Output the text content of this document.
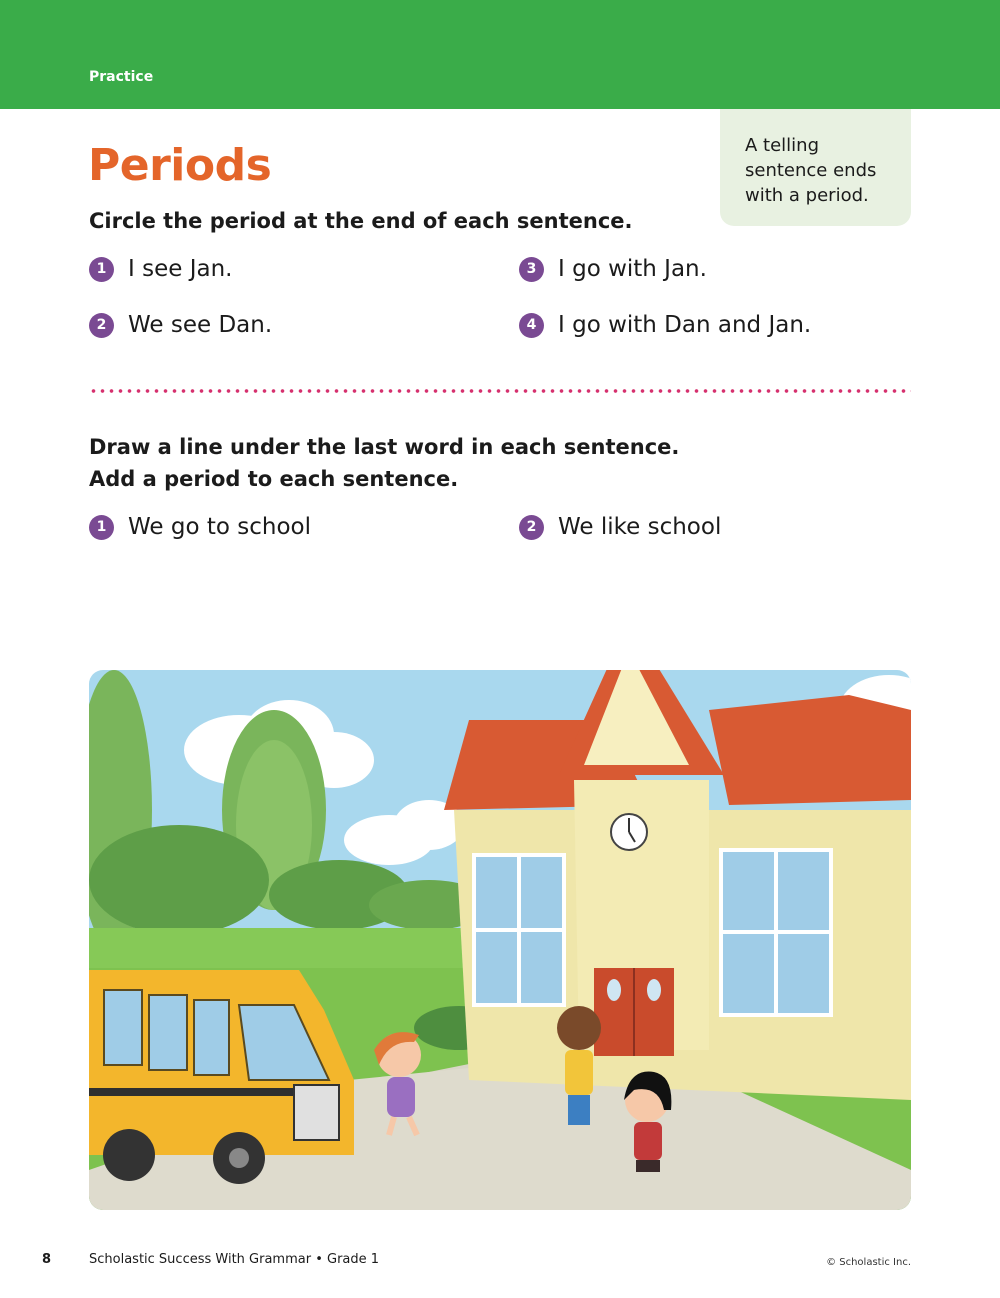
Practice
Periods	A telling
sentence ends
with a period.

Circle the period at the end of each sentence.

1 I see Jan.
2 We see Dan.
3 I go with Jan.
4 I go with Dan and Jan.

Draw a line under the last word in each sentence.

Add a period to each sentence.

1 We go to school	2 We like school
8	Scholastic Success With Grammar • Grade 1	© Scholastic Inc.
